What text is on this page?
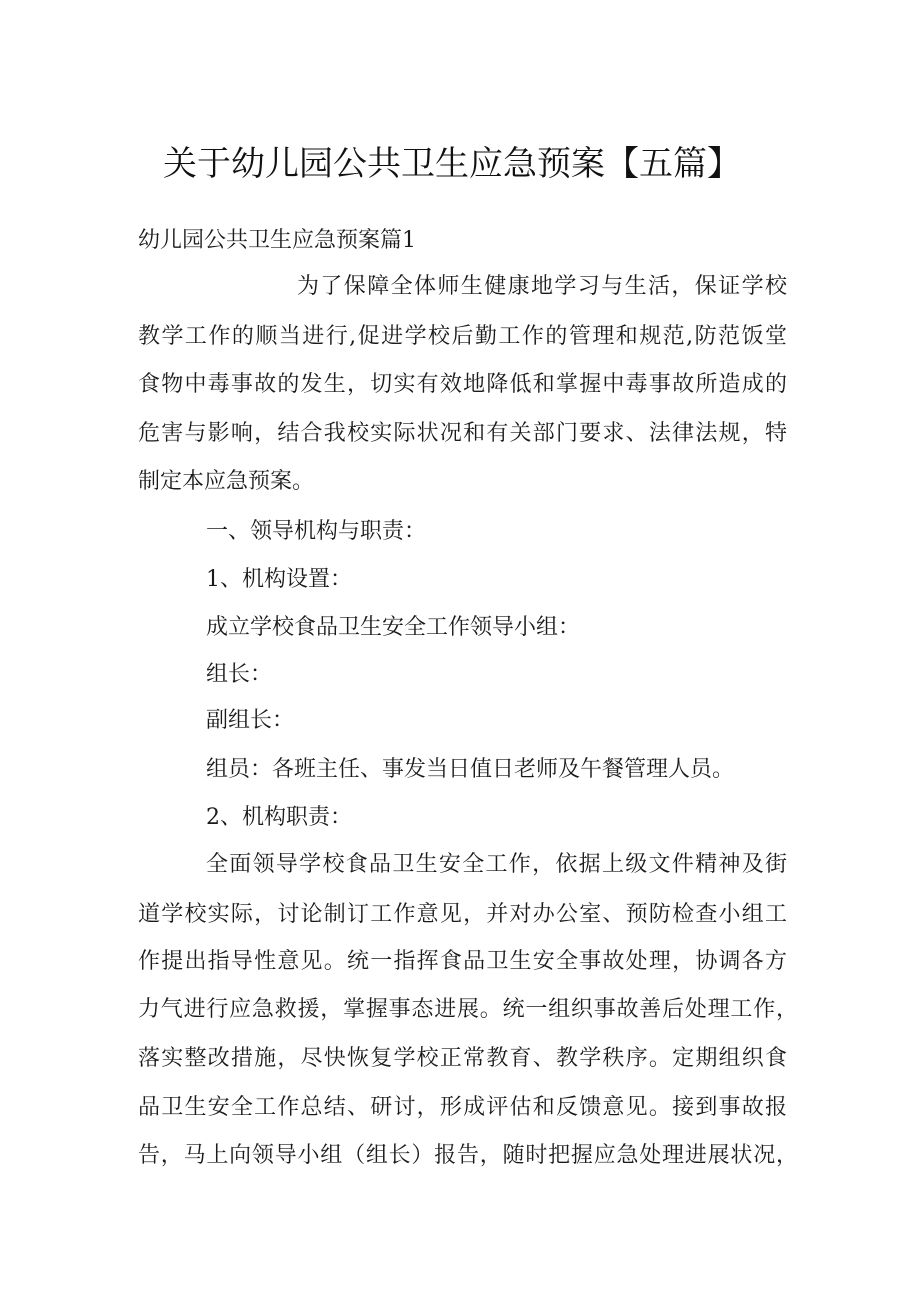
关于幼儿园公共卫生应急预案【五篇】
幼儿园公共卫生应急预案篇1
为了保障全体师生健康地学习与生活，保证学校
教学工作的顺当进行,促进学校后勤工作的管理和规范,防范饭堂
食物中毒事故的发生，切实有效地降低和掌握中毒事故所造成的
危害与影响，结合我校实际状况和有关部门要求、法律法规，特
制定本应急预案。
一、领导机构与职责：
1、机构设置：
成立学校食品卫生安全工作领导小组：
组长：
副组长：
组员：各班主任、事发当日值日老师及午餐管理人员。
2、机构职责：
全面领导学校食品卫生安全工作，依据上级文件精神及街
道学校实际，讨论制订工作意见，并对办公室、预防检查小组工
作提出指导性意见。统一指挥食品卫生安全事故处理，协调各方
力气进行应急救援，掌握事态进展。统一组织事故善后处理工作，
落实整改措施，尽快恢复学校正常教育、教学秩序。定期组织食
品卫生安全工作总结、研讨，形成评估和反馈意见。接到事故报
告，马上向领导小组（组长）报告，随时把握应急处理进展状况，
